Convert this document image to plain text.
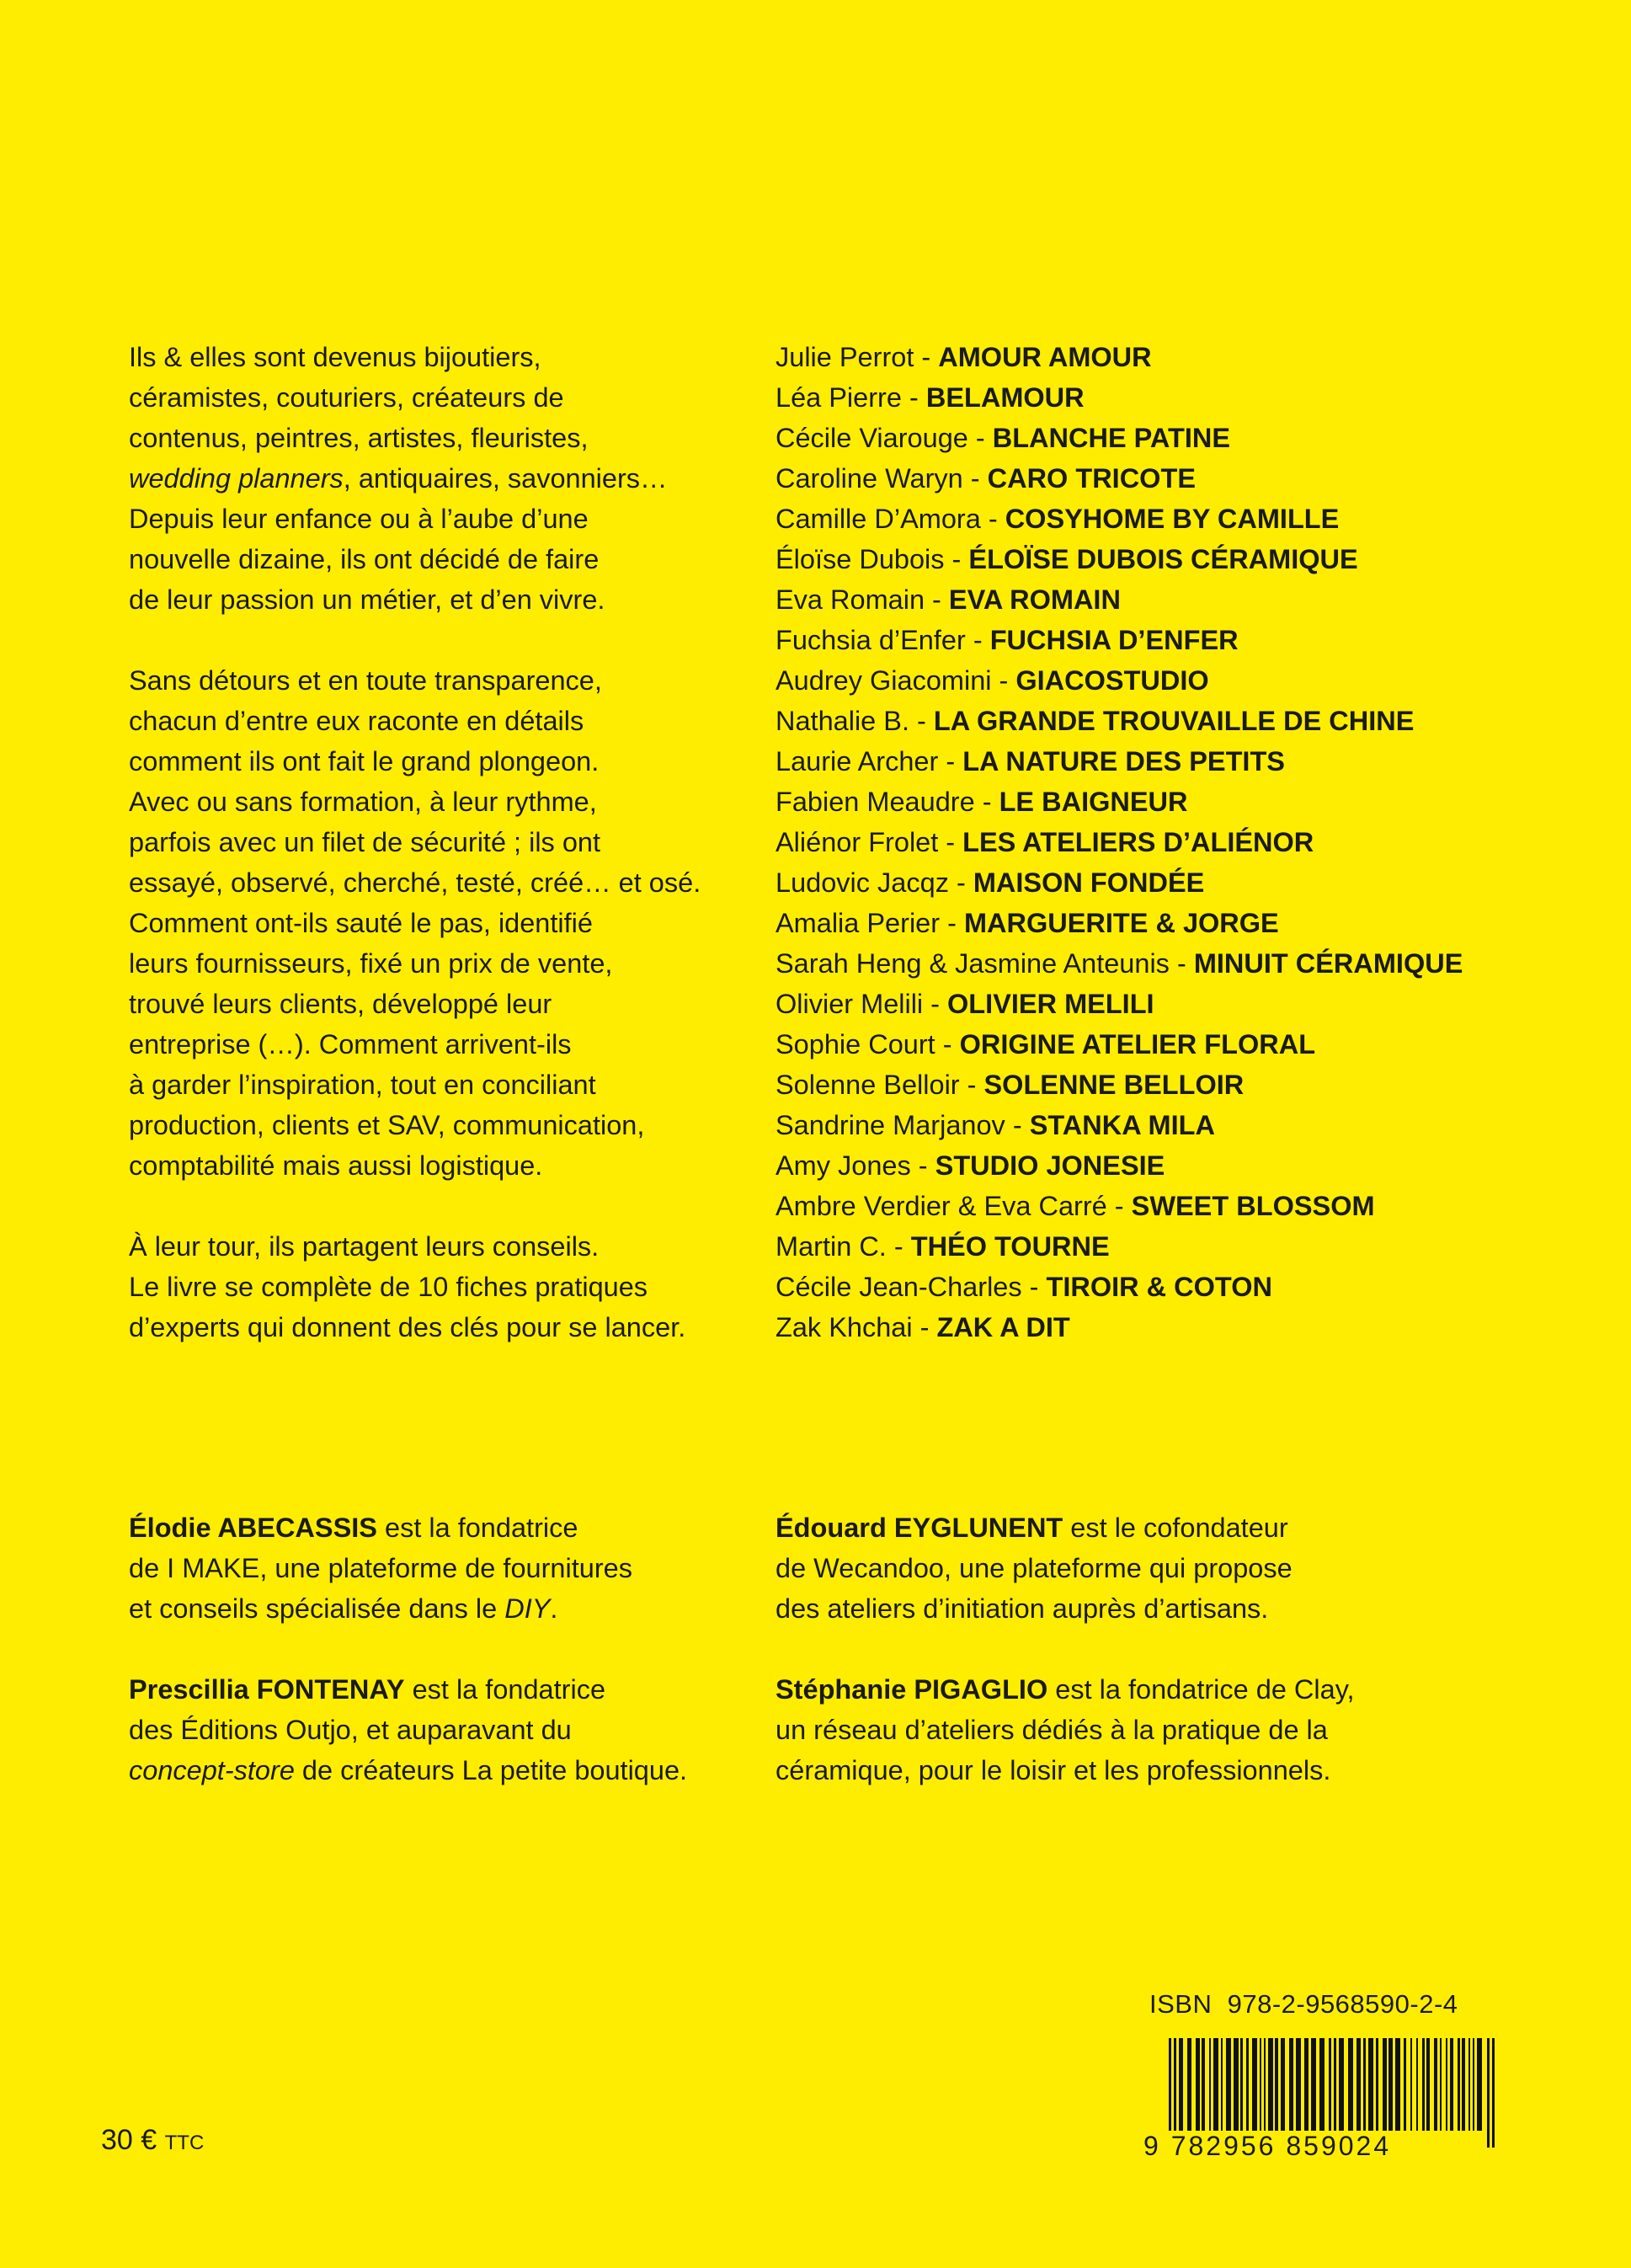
Ils & elles sont devenus bijoutiers,
céramistes, couturiers, créateurs de
contenus, peintres, artistes, fleuristes,
wedding planners, antiquaires, savonniers…
Depuis leur enfance ou à l’aube d’une
nouvelle dizaine, ils ont décidé de faire
de leur passion un métier, et d’en vivre.

Sans détours et en toute transparence,
chacun d’entre eux raconte en détails
comment ils ont fait le grand plongeon.
Avec ou sans formation, à leur rythme,
parfois avec un filet de sécurité ; ils ont
essayé, observé, cherché, testé, créé… et osé.
Comment ont-ils sauté le pas, identifié
leurs fournisseurs, fixé un prix de vente,
trouvé leurs clients, développé leur
entreprise (…). Comment arrivent-ils
à garder l’inspiration, tout en conciliant
production, clients et SAV, communication,
comptabilité mais aussi logistique.

À leur tour, ils partagent leurs conseils.
Le livre se complète de 10 fiches pratiques
d’experts qui donnent des clés pour se lancer.

Julie Perrot - AMOUR AMOUR
Léa Pierre - BELAMOUR
Cécile Viarouge - BLANCHE PATINE
Caroline Waryn - CARO TRICOTE
Camille D’Amora - COSYHOME BY CAMILLE
Éloïse Dubois - ÉLOÏSE DUBOIS CÉRAMIQUE
Eva Romain - EVA ROMAIN
Fuchsia d’Enfer - FUCHSIA D’ENFER
Audrey Giacomini - GIACOSTUDIO
Nathalie B. - LA GRANDE TROUVAILLE DE CHINE
Laurie Archer - LA NATURE DES PETITS
Fabien Meaudre - LE BAIGNEUR
Aliénor Frolet - LES ATELIERS D’ALIÉNOR
Ludovic Jacqz - MAISON FONDÉE
Amalia Perier - MARGUERITE & JORGE
Sarah Heng & Jasmine Anteunis - MINUIT CÉRAMIQUE
Olivier Melili - OLIVIER MELILI
Sophie Court - ORIGINE ATELIER FLORAL
Solenne Belloir - SOLENNE BELLOIR
Sandrine Marjanov - STANKA MILA
Amy Jones - STUDIO JONESIE
Ambre Verdier & Eva Carré - SWEET BLOSSOM
Martin C. - THÉO TOURNE
Cécile Jean-Charles - TIROIR & COTON
Zak Khchai - ZAK A DIT
Élodie ABECASSIS est la fondatrice
de I MAKE, une plateforme de fournitures
et conseils spécialisée dans le DIY.
Prescillia FONTENAY est la fondatrice
des Éditions Outjo, et auparavant du
concept-store de créateurs La petite boutique.
Édouard EYGLUNENT est le cofondateur
de Wecandoo, une plateforme qui propose
des ateliers d’initiation auprès d’artisans.
Stéphanie PIGAGLIO est la fondatrice de Clay,
un réseau d’ateliers dédiés à la pratique de la
céramique, pour le loisir et les professionnels.
ISBN 978-2-9568590-2-4
9 782956 859024
30 € TTC
